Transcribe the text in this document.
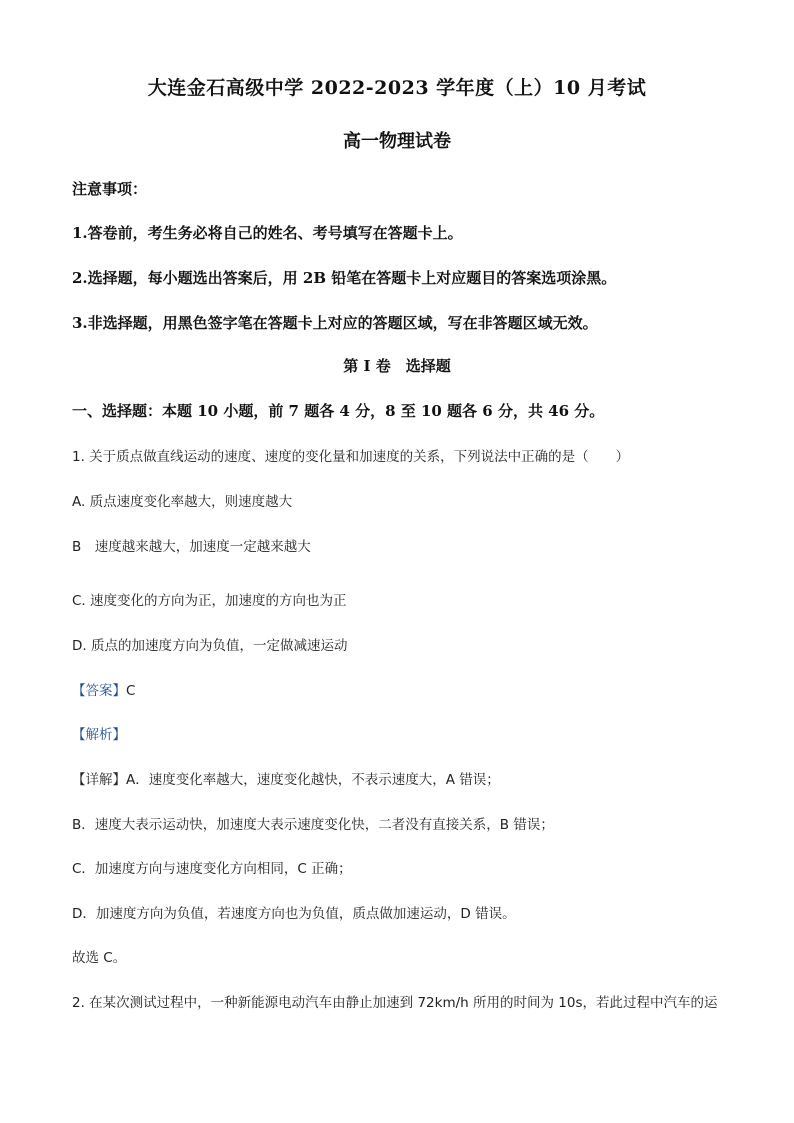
大连金石高级中学 2022-2023 学年度（上）10 月考试
高一物理试卷
注意事项：
1.答卷前，考生务必将自己的姓名、考号填写在答题卡上。
2.选择题，每小题选出答案后，用 2B 铅笔在答题卡上对应题目的答案选项涂黑。
3.非选择题，用黑色签字笔在答题卡上对应的答题区域，写在非答题区域无效。
第 I 卷　选择题
一、选择题：本题 10 小题，前 7 题各 4 分，8 至 10 题各 6 分，共 46 分。
1. 关于质点做直线运动的速度、速度的变化量和加速度的关系，下列说法中正确的是（　　）
A. 质点速度变化率越大，则速度越大
B　速度越来越大，加速度一定越来越大
C. 速度变化的方向为正，加速度的方向也为正
D. 质点的加速度方向为负值，一定做减速运动
【答案】C
【解析】
【详解】A．速度变化率越大，速度变化越快，不表示速度大，A 错误；
B．速度大表示运动快，加速度大表示速度变化快，二者没有直接关系，B 错误；
C．加速度方向与速度变化方向相同，C 正确；
D．加速度方向为负值，若速度方向也为负值，质点做加速运动，D 错误。
故选 C。
2. 在某次测试过程中，一种新能源电动汽车由静止加速到 72km/h 所用的时间为 10s，若此过程中汽车的运
